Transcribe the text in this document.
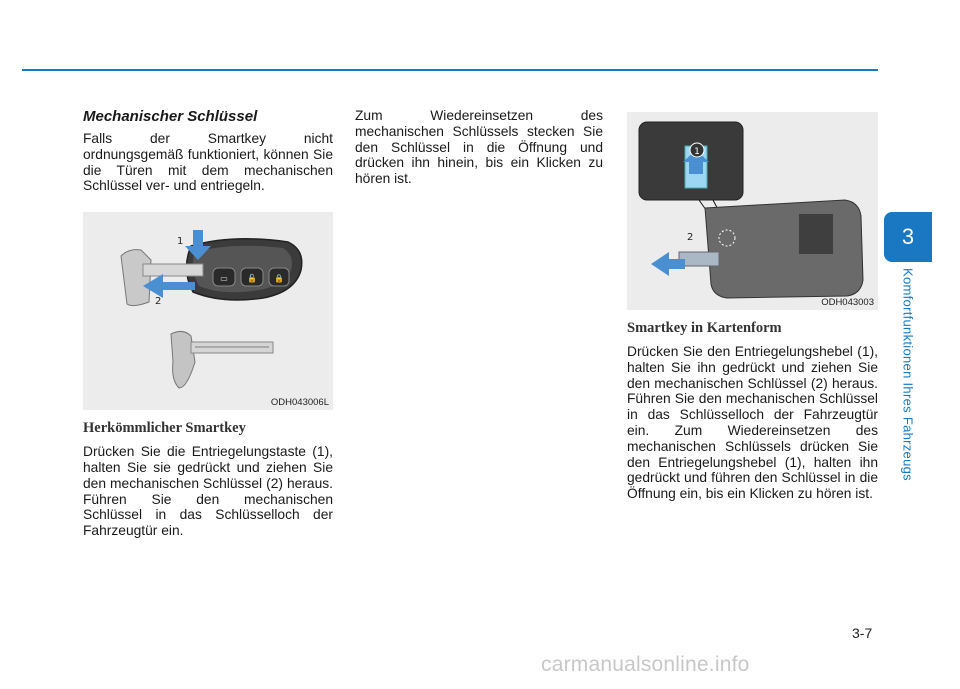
3
Komfortfunktionen Ihres Fahrzeugs
Mechanischer Schlüssel

Falls der Smartkey nicht ordnungsgemäß funktioniert, können Sie die Türen mit dem mechanischen Schlüssel ver- und entriegeln.

▭ 🔓 🔒
1
2
ODH043006L
Herkömmlicher Smartkey

Drücken Sie die Entriegelungstaste (1), halten Sie sie gedrückt und ziehen Sie den mechanischen Schlüssel (2) heraus. Führen Sie den mechanischen Schlüssel in das Schlüsselloch der Fahrzeugtür ein.

Zum Wiedereinsetzen des mechanischen Schlüssels stecken Sie den Schlüssel in die Öffnung und drücken ihn hinein, bis ein Klicken zu hören ist.

1
2
ODH043003
Smartkey in Kartenform

Drücken Sie den Entriegelungshebel (1), halten Sie ihn gedrückt und ziehen Sie den mechanischen Schlüssel (2) heraus. Führen Sie den mechanischen Schlüssel in das Schlüsselloch der Fahrzeugtür ein. Zum Wiedereinsetzen des mechanischen Schlüssels drücken Sie den Entriegelungshebel (1), halten ihn gedrückt und führen den Schlüssel in die Öffnung ein, bis ein Klicken zu hören ist.

3-7
carmanualsonline.info
